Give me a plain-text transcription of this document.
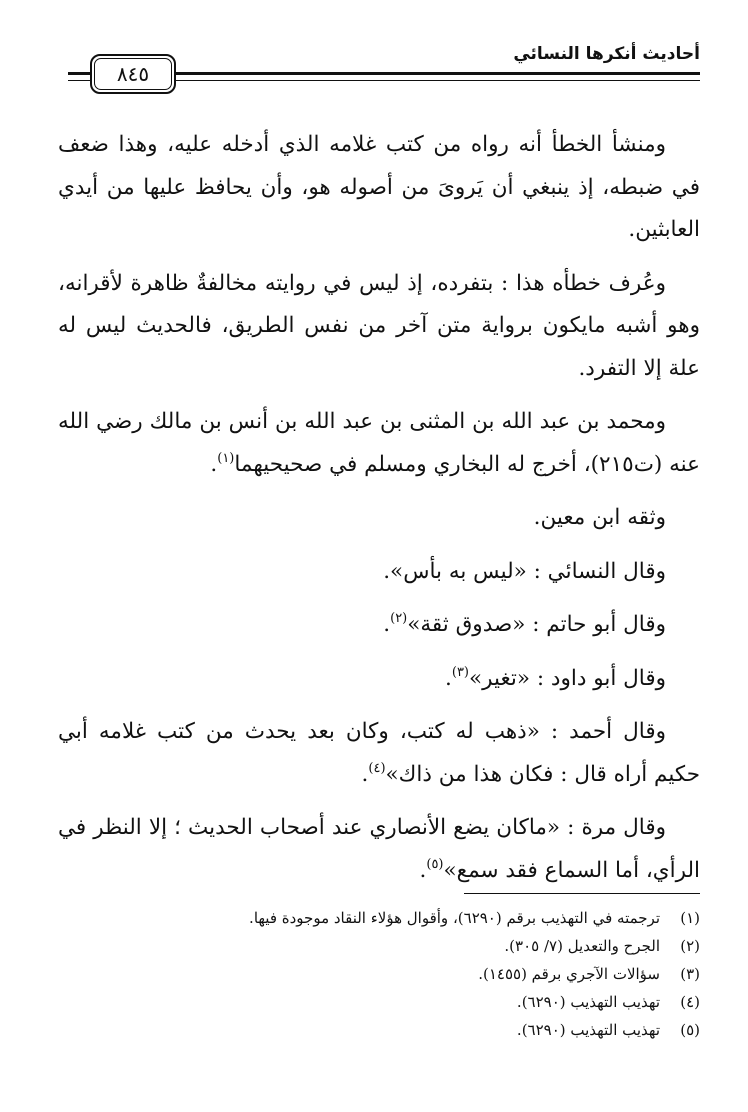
أحاديث أنكرها النسائي
٨٤٥

ومنشأ الخطأ أنه رواه من كتب غلامه الذي أدخله عليه، وهذا ضعف في ضبطه، إذ ينبغي أن يَروىَ من أصوله هو، وأن يحافظ عليها من أيدي العابثين.

وعُرف خطأه هذا : بتفرده، إذ ليس في روايته مخالفةٌ ظاهرة لأقرانه، وهو أشبه مايكون برواية متن آخر من نفس الطريق، فالحديث ليس له علة إلا التفرد.

ومحمد بن عبد الله بن المثنى بن عبد الله بن أنس بن مالك رضي الله عنه (ت٢١٥)، أخرج له البخاري ومسلم في صحيحيهما$^{(١)}$.

وثقه ابن معين.

وقال النسائي : «ليس به بأس».

وقال أبو حاتم : «صدوق ثقة»$^{(٢)}$.

وقال أبو داود : «تغير»$^{(٣)}$.

وقال أحمد : «ذهب له كتب، وكان بعد يحدث من كتب غلامه أبي حكيم أراه قال : فكان هذا من ذاك»$^{(٤)}$.

وقال مرة : «ماكان يضع الأنصاري عند أصحاب الحديث ؛ إلا النظر في الرأي، أما السماع فقد سمع»$^{(٥)}$.

(١)
ترجمته في التهذيب برقم (٦٢٩٠)، وأقوال هؤلاء النقاد موجودة فيها.
(٢)
الجرح والتعديل (٧/ ٣٠٥).
(٣)
سؤالات الآجري برقم (١٤٥٥).
(٤)
تهذيب التهذيب (٦٢٩٠).
(٥)
تهذيب التهذيب (٦٢٩٠).
